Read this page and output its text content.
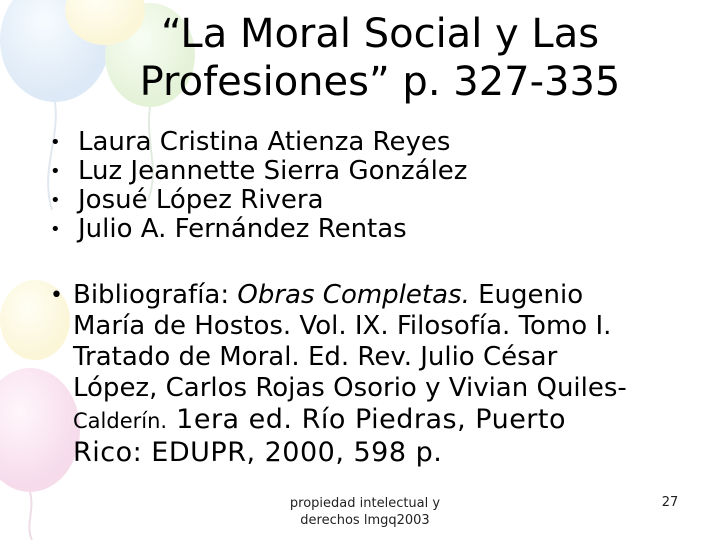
“La Moral Social y Las
Profesiones” p. 327-335
• Laura Cristina Atienza Reyes
• Luz Jeannette Sierra González
• Josué López Rivera
• Julio A. Fernández Rentas
• Bibliografía: Obras Completas. Eugenio
María de Hostos. Vol. IX. Filosofía. Tomo I.
Tratado de Moral. Ed. Rev. Julio César
López, Carlos Rojas Osorio y Vivian Quiles-
Calderín. 1era ed. Río Piedras, Puerto
Rico: EDUPR, 2000, 598 p.
propiedad intelectual y
derechos lmgq2003
27
